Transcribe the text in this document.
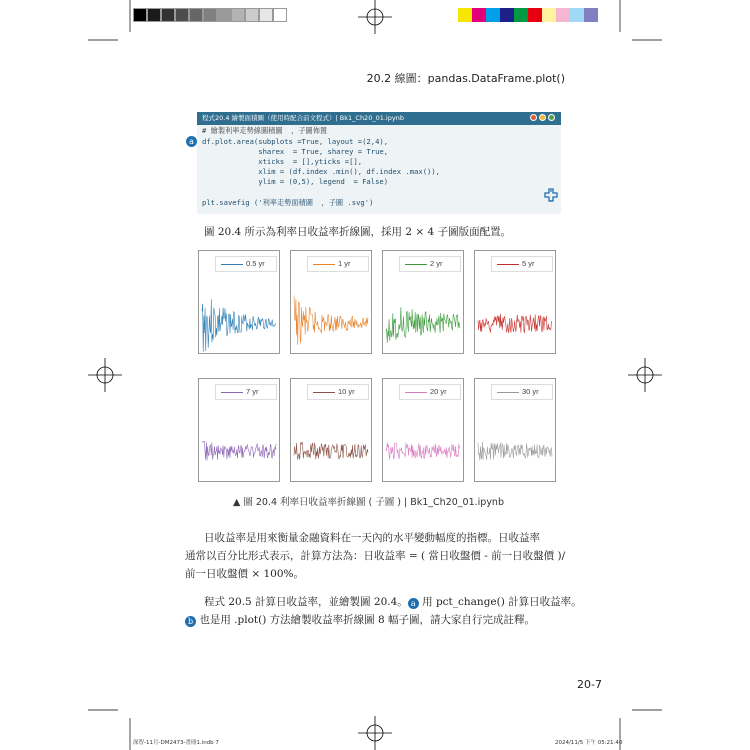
20.2 線圖：pandas.DataFrame.plot()
程式20.4 繪製面積圖（使用時配合前文程式）| Bk1_Ch20_01.ipynb
# 繪製利率走勢線圖積圖  ，子圖佈置
df.plot.area(subplots =True, layout =(2,4),
sharex  = True, sharey = True,
xticks  = [],yticks =[],
xlim = (df.index .min(), df.index .max()),
ylim = (0,5), legend  = False)
plt.savefig ('利率走勢面積圖  ，子圖 .svg')
a
圖 20.4 所示為利率日收益率折線圖，採用 2 × 4 子圖版面配置。
0.5 yr	1 yr	2 yr	5 yr
7 yr	10 yr	20 yr	30 yr
▲ 圖 20.4 利率日收益率折線圖 ( 子圖 ) | Bk1_Ch20_01.ipynb
日收益率是用來衡量金融資料在一天內的水平變動幅度的指標。日收益率
通常以百分比形式表示，計算方法為：日收益率 = ( 當日收盤價 - 前一日收盤價 )/
前一日收盤價 × 100%。
程式 20.5 計算日收益率，並繪製圖 20.4。 a 用 pct_change() 計算日收益率。
b 也是用 .plot() 方法繪製收益率折線圖 8 幅子圖，請大家自行完成註釋。
20-7
深智-11月-DM2473-書冊1.indb 7	2024/11/5 下午 05:21:40
